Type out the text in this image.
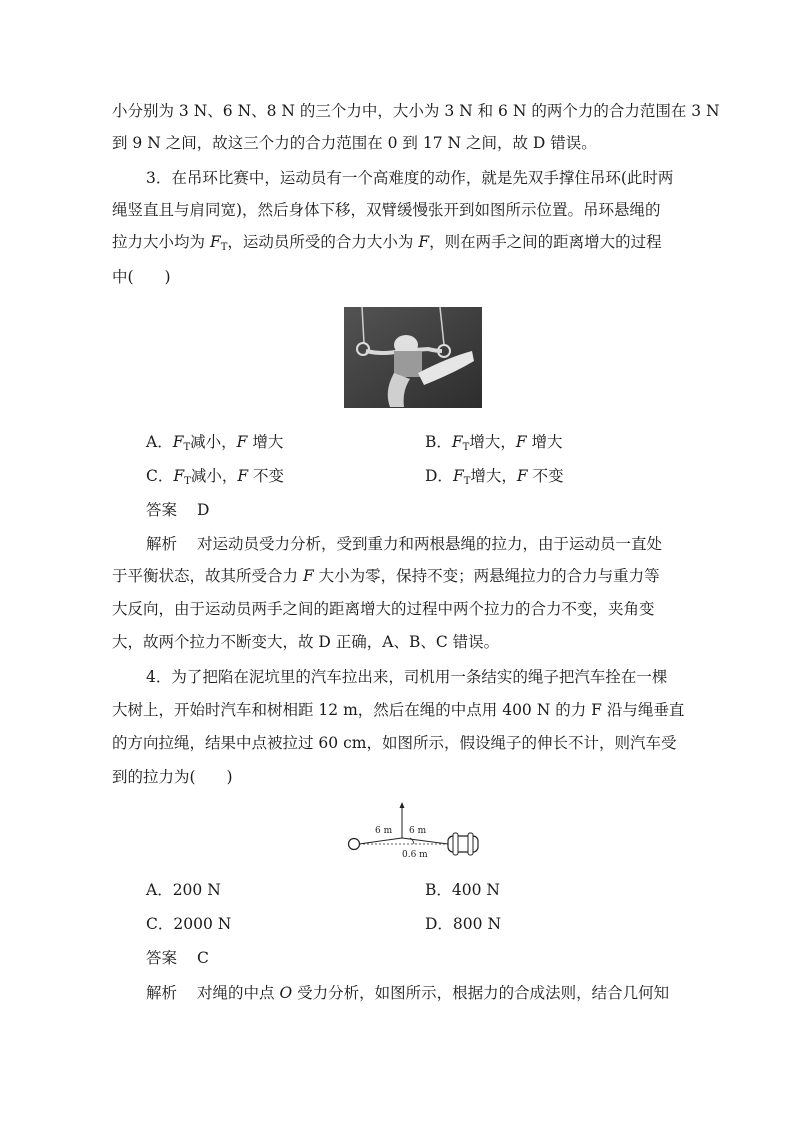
小分别为 3 N、6 N、8 N 的三个力中，大小为 3 N 和 6 N 的两个力的合力范围在 3 N
到 9 N 之间，故这三个力的合力范围在 0 到 17 N 之间，故 D 错误。
3．在吊环比赛中，运动员有一个高难度的动作，就是先双手撑住吊环(此时两
绳竖直且与肩同宽)，然后身体下移，双臂缓慢张开到如图所示位置。吊环悬绳的
拉力大小均为 $F_T$，运动员所受的合力大小为 F，则在两手之间的距离增大的过程
中(　　)
A．$F_T$减小，F 增大	B．$F_T$增大，F 增大
C．$F_T$减小，F 不变	D．$F_T$增大，F 不变
答案 D
解析 对运动员受力分析，受到重力和两根悬绳的拉力，由于运动员一直处
于平衡状态，故其所受合力 F 大小为零，保持不变；两悬绳拉力的合力与重力等
大反向，由于运动员两手之间的距离增大的过程中两个拉力的合力不变，夹角变
大，故两个拉力不断变大，故 D 正确，A、B、C 错误。
4．为了把陷在泥坑里的汽车拉出来，司机用一条结实的绳子把汽车拴在一棵
大树上，开始时汽车和树相距 12 m，然后在绳的中点用 400 N 的力 F 沿与绳垂直
的方向拉绳，结果中点被拉过 60 cm，如图所示，假设绳子的伸长不计，则汽车受
到的拉力为(　　)
6 m 6 m
0.6 m
A．200 N	B．400 N
C．2000 N	D．800 N
答案 C
解析 对绳的中点 O 受力分析，如图所示，根据力的合成法则，结合几何知
